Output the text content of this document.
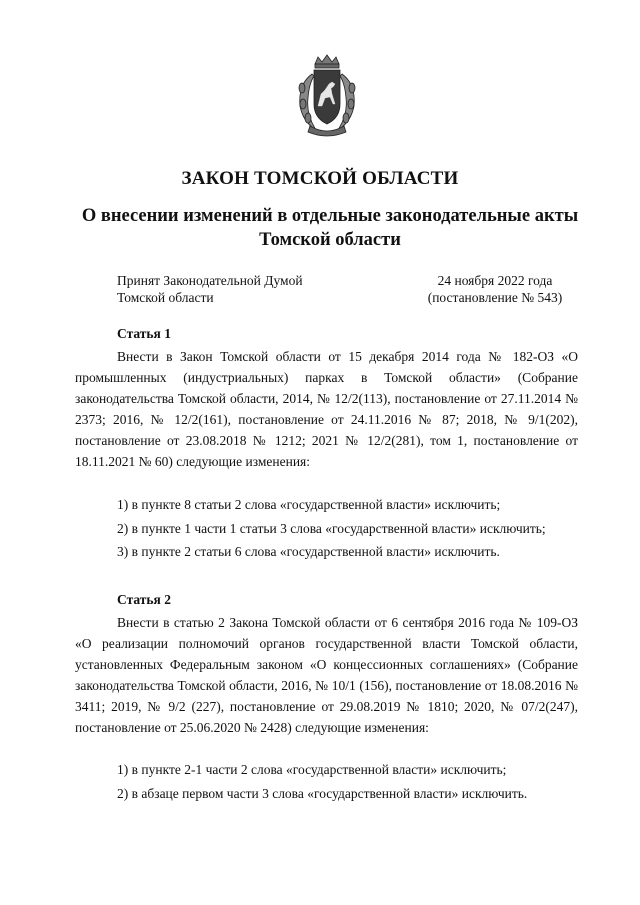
ЗАКОН ТОМСКОЙ ОБЛАСТИ
О внесении изменений в отдельные законодательные акты Томской области
Принят Законодательной Думой
Томской области
24 ноября 2022 года
(постановление № 543)
Статья 1

Внести в Закон Томской области от 15 декабря 2014 года № 182-ОЗ «О промышленных (индустриальных) парках в Томской области» (Собрание законодательства Томской области, 2014, № 12/2(113), постановление от 27.11.2014 № 2373; 2016, № 12/2(161), постановление от 24.11.2016 № 87; 2018, № 9/1(202), постановление от 23.08.2018 № 1212; 2021 № 12/2(281), том 1, постановление от 18.11.2021 № 60) следующие изменения:

1) в пункте 8 статьи 2 слова «государственной власти» исключить;
2) в пункте 1 части 1 статьи 3 слова «государственной власти» исключить;
3) в пункте 2 статьи 6 слова «государственной власти» исключить.
Статья 2

Внести в статью 2 Закона Томской области от 6 сентября 2016 года № 109-ОЗ «О реализации полномочий органов государственной власти Томской области, установленных Федеральным законом «О концессионных соглашениях» (Собрание законодательства Томской области, 2016, № 10/1 (156), постановление от 18.08.2016 № 3411; 2019, № 9/2 (227), постановление от 29.08.2019 № 1810; 2020, № 07/2(247), постановление от 25.06.2020 № 2428) следующие изменения:

1) в пункте 2-1 части 2 слова «государственной власти» исключить;
2) в абзаце первом части 3 слова «государственной власти» исключить.
